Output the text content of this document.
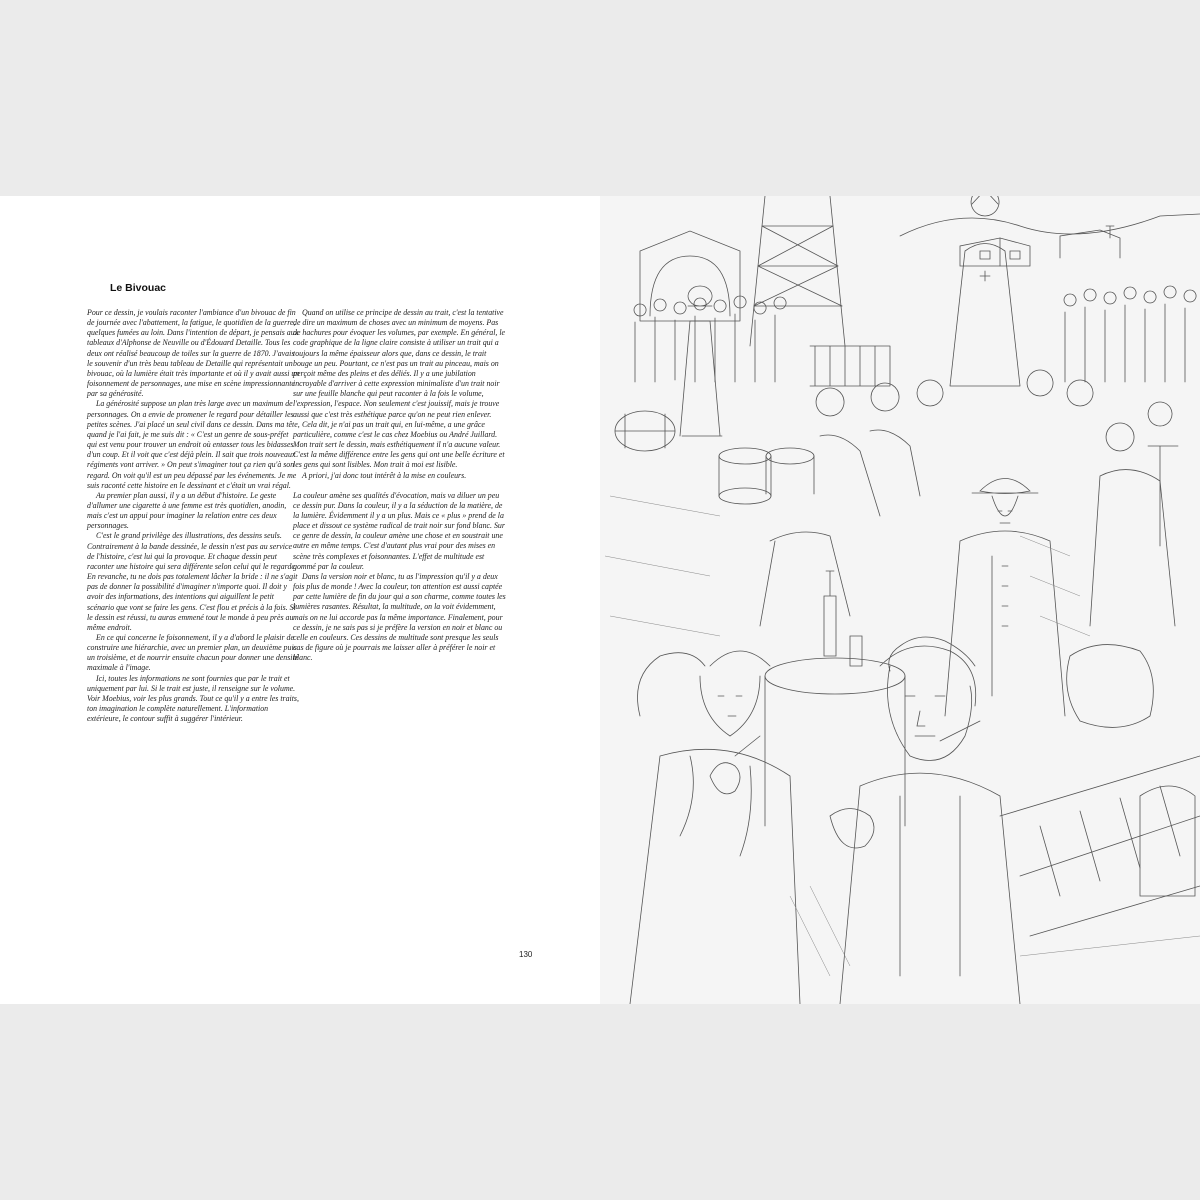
Le Bivouac

Pour ce dessin, je voulais raconter l'ambiance d'un bivouac de fin de journée avec l'abattement, la fatigue, le quotidien de la guerre, quelques fumées au loin. Dans l'intention de départ, je pensais aux tableaux d'Alphonse de Neuville ou d'Édouard Detaille. Tous les deux ont réalisé beaucoup de toiles sur la guerre de 1870. J'avais le souvenir d'un très beau tableau de Detaille qui représentait un bivouac, où la lumière était très importante et où il y avait aussi un foisonnement de personnages, une mise en scène impressionnante par sa générosité.

La générosité suppose un plan très large avec un maximum de personnages. On a envie de promener le regard pour détailler les petites scènes. J'ai placé un seul civil dans ce dessin. Dans ma tête, quand je l'ai fait, je me suis dit : « C'est un genre de sous-préfet qui est venu pour trouver un endroit où entasser tous les bidasses d'un coup. Et il voit que c'est déjà plein. Il sait que trois nouveaux régiments vont arriver. » On peut s'imaginer tout ça rien qu'à son regard. On voit qu'il est un peu dépassé par les événements. Je me suis raconté cette histoire en le dessinant et c'était un vrai régal.

Au premier plan aussi, il y a un début d'histoire. Le geste d'allumer une cigarette à une femme est très quotidien, anodin, mais c'est un appui pour imaginer la relation entre ces deux personnages.

C'est le grand privilège des illustrations, des dessins seuls. Contrairement à la bande dessinée, le dessin n'est pas au service de l'histoire, c'est lui qui la provoque. Et chaque dessin peut raconter une histoire qui sera différente selon celui qui le regarde. En revanche, tu ne dois pas totalement lâcher la bride : il ne s'agit pas de donner la possibilité d'imaginer n'importe quoi. Il doit y avoir des informations, des intentions qui aiguillent le petit scénario que vont se faire les gens. C'est flou et précis à la fois. Si le dessin est réussi, tu auras emmené tout le monde à peu près au même endroit.

En ce qui concerne le foisonnement, il y a d'abord le plaisir de construire une hiérarchie, avec un premier plan, un deuxième puis un troisième, et de nourrir ensuite chacun pour donner une densité maximale à l'image.

Ici, toutes les informations ne sont fournies que par le trait et uniquement par lui. Si le trait est juste, il renseigne sur le volume. Voir Moebius, voir les plus grands. Tout ce qu'il y a entre les traits, ton imagination le complète naturellement. L'information extérieure, le contour suffit à suggérer l'intérieur.

Quand on utilise ce principe de dessin au trait, c'est la tentative de dire un maximum de choses avec un minimum de moyens. Pas de hachures pour évoquer les volumes, par exemple. En général, le code graphique de la ligne claire consiste à utiliser un trait qui a toujours la même épaisseur alors que, dans ce dessin, le trait bouge un peu. Pourtant, ce n'est pas un trait au pinceau, mais on perçoit même des pleins et des déliés. Il y a une jubilation incroyable d'arriver à cette expression minimaliste d'un trait noir sur une feuille blanche qui peut raconter à la fois le volume, l'expression, l'espace. Non seulement c'est jouissif, mais je trouve aussi que c'est très esthétique parce qu'on ne peut rien enlever.

Cela dit, je n'ai pas un trait qui, en lui-même, a une grâce particulière, comme c'est le cas chez Moebius ou André Juillard. Mon trait sert le dessin, mais esthétiquement il n'a aucune valeur. C'est la même différence entre les gens qui ont une belle écriture et les gens qui sont lisibles. Mon trait à moi est lisible.

A priori, j'ai donc tout intérêt à la mise en couleurs.

La couleur amène ses qualités d'évocation, mais va diluer un peu ce dessin pur. Dans la couleur, il y a la séduction de la matière, de la lumière. Évidemment il y a un plus. Mais ce « plus » prend de la place et dissout ce système radical de trait noir sur fond blanc. Sur ce genre de dessin, la couleur amène une chose et en soustrait une autre en même temps. C'est d'autant plus vrai pour des mises en scène très complexes et foisonnantes. L'effet de multitude est gommé par la couleur.

Dans la version noir et blanc, tu as l'impression qu'il y a deux fois plus de monde ! Avec la couleur, ton attention est aussi captée par cette lumière de fin du jour qui a son charme, comme toutes les lumières rasantes. Résultat, la multitude, on la voit évidemment, mais on ne lui accorde pas la même importance. Finalement, pour ce dessin, je ne sais pas si je préfère la version en noir et blanc ou celle en couleurs. Ces dessins de multitude sont presque les seuls cas de figure où je pourrais me laisser aller à préférer le noir et blanc.

130
